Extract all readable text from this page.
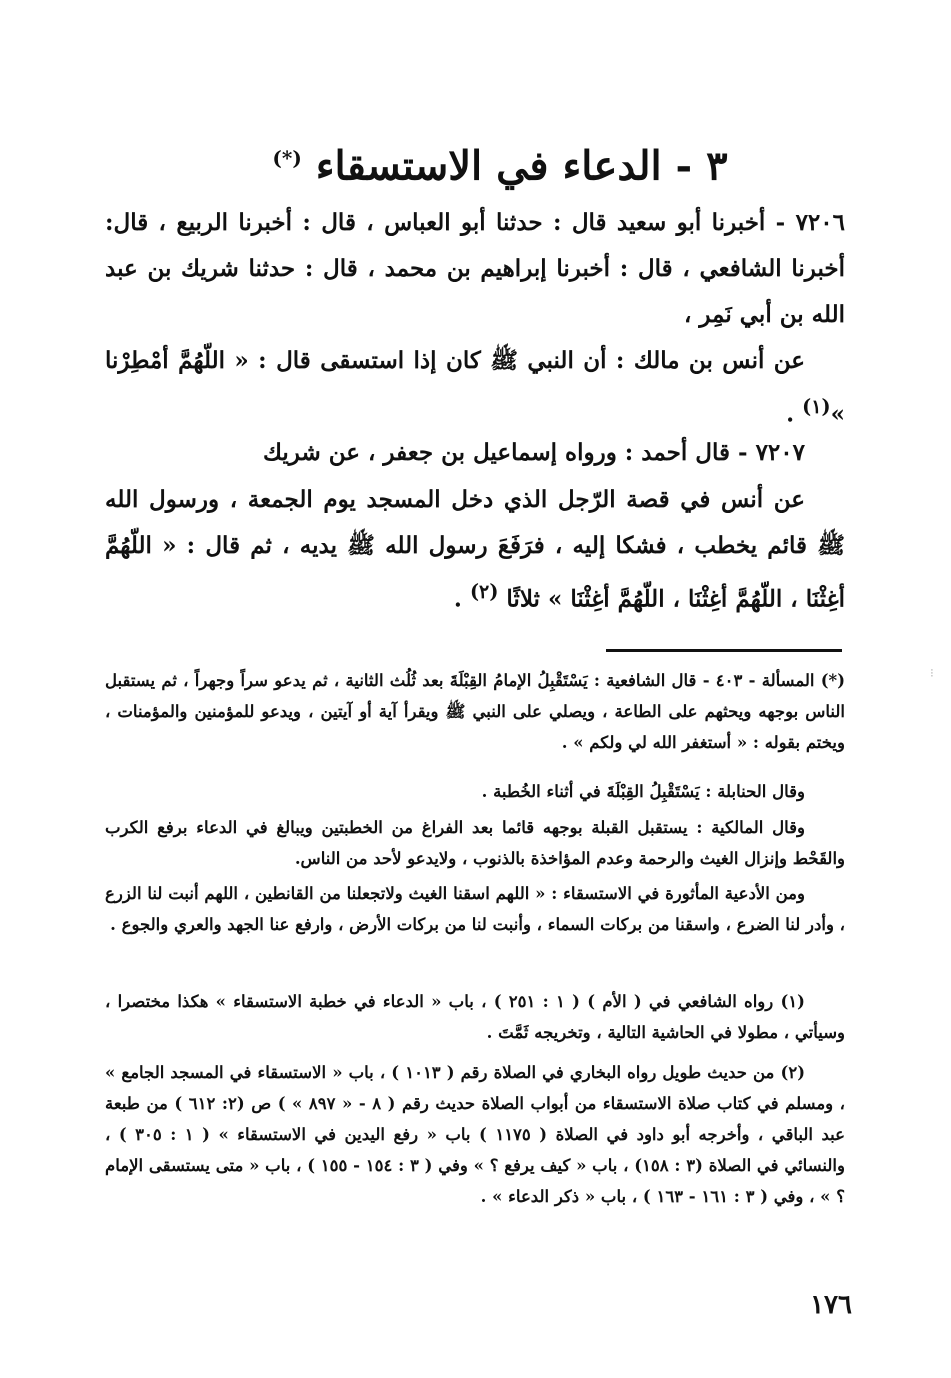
٣ - الدعاء في الاستسقاء (*)

٧٢٠٦ - أخبرنا أبو سعيد قال : حدثنا أبو العباس ، قال : أخبرنا الربيع ، قال: أخبرنا الشافعي ، قال : أخبرنا إبراهيم بن محمد ، قال : حدثنا شريك بن عبد الله بن أبي نَمِر ،

عن أنس بن مالك : أن النبي ﷺ كان إذا استسقى قال : « اللّهُمَّ أمْطِرْنا »$^{(١)}$ .

٧٢٠٧ - قال أحمد : ورواه إسماعيل بن جعفر ، عن شريك

عن أنس في قصة الرّجل الذي دخل المسجد يوم الجمعة ، ورسول الله ﷺ قائم يخطب ، فشكا إليه ، فرَفَعَ رسول الله ﷺ يديه ، ثم قال : « اللّهُمَّ أغِثْنَا ، اللّهُمَّ أغِثْنَا ، اللّهُمَّ أغِثْنَا » ثلاثًا $^{(٢)}$ .

(*) المسألة - ٤٠٣ - قال الشافعية : يَسْتَقْبِلُ الإمامُ القِبْلَةَ بعد ثُلُث الثانية ، ثم يدعو سراً وجهراً ، ثم يستقبل الناس بوجهه ويحثهم على الطاعة ، ويصلي على النبي ﷺ ويقرأ آية أو آيتين ، ويدعو للمؤمنين والمؤمنات ، ويختم بقوله : « أستغفر الله لي ولكم » .

وقال الحنابلة : يَسْتَقْبِلُ القِبْلَةَ في أثناء الخُطبة .

وقال المالكية : يستقبل القبلة بوجهه قائما بعد الفراغ من الخطبتين ويبالغ في الدعاء برفع الكرب والقَحْط وإنزال الغيث والرحمة وعدم المؤاخذة بالذنوب ، ولايدعو لأحد من الناس.

ومن الأدعية المأثورة في الاستسقاء : « اللهم اسقنا الغيث ولاتجعلنا من القانطين ، اللهم أنبت لنا الزرع ، وأدر لنا الضرع ، واسقنا من بركات السماء ، وأنبت لنا من بركات الأرض ، وارفع عنا الجهد والعري والجوع .

(١) رواه الشافعي في ( الأم ) ( ١ : ٢٥١ ) ، باب « الدعاء في خطبة الاستسقاء » هكذا مختصرا ، وسيأتي ، مطولا في الحاشية التالية ، وتخريجه ثَمَّتَ .

(٢) من حديث طويل رواه البخاري في الصلاة رقم ( ١٠١٣ ) ، باب « الاستسقاء في المسجد الجامع » ، ومسلم في كتاب صلاة الاستسقاء من أبواب الصلاة حديث رقم ( ٨ - « ٨٩٧ » ) ص (٢: ٦١٢ ) من طبعة عبد الباقي ، وأخرجه أبو داود في الصلاة ( ١١٧٥ ) باب « رفع اليدين في الاستسقاء » ( ١ : ٣٠٥ ) ، والنسائي في الصلاة (٣ : ١٥٨) ، باب « كيف يرفع ؟ » وفي ( ٣ : ١٥٤ - ١٥٥ ) ، باب « متى يستسقى الإمام ؟ » ، وفي ( ٣ : ١٦١ - ١٦٣ ) ، باب « ذكر الدعاء » .

١٧٦
⁝
